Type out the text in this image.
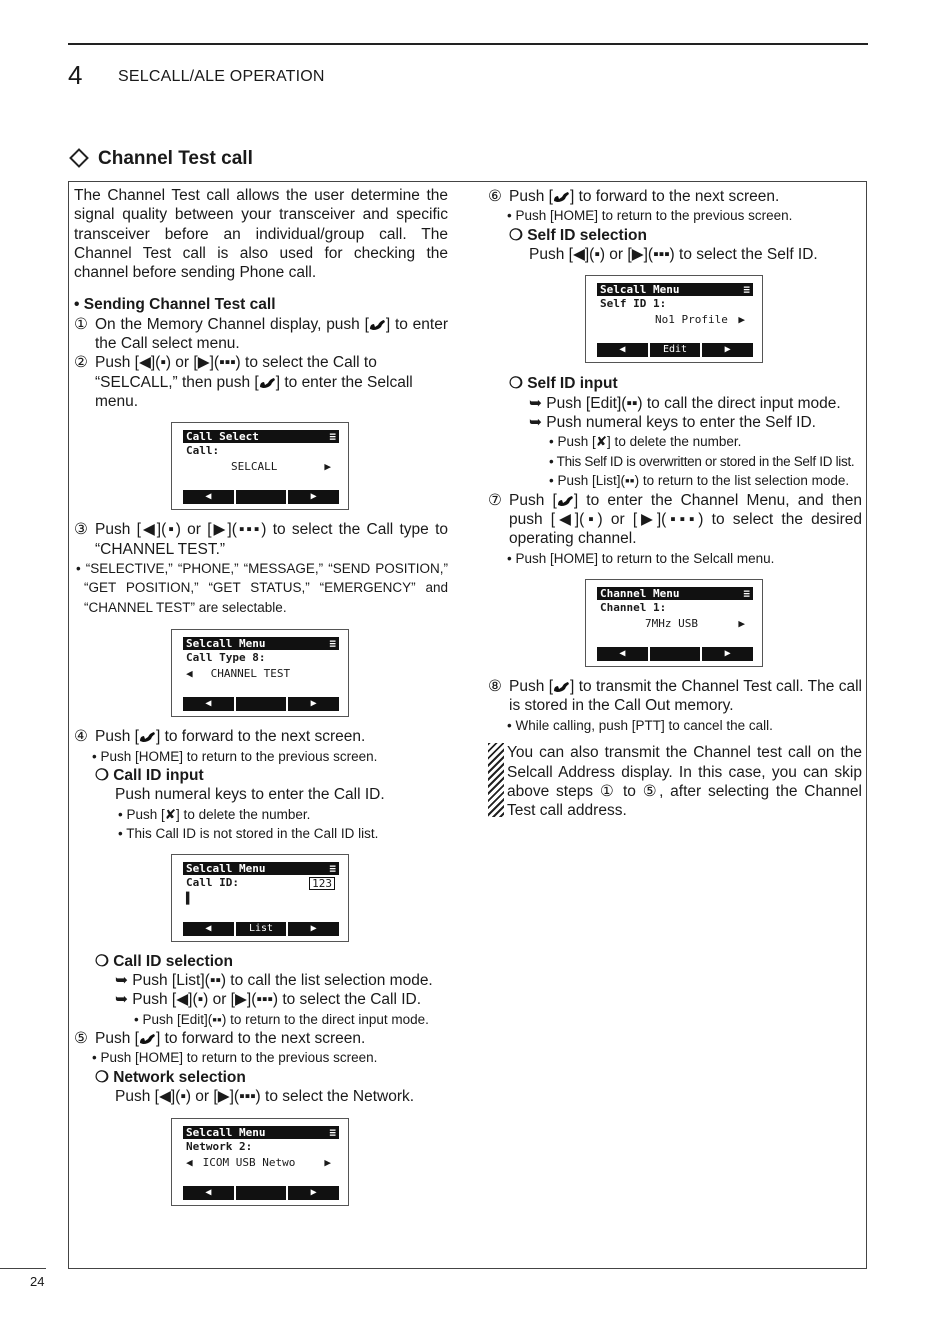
4 SELCALL/ALE OPERATION
Channel Test call

The Channel Test call allows the user determine the signal quality between your transceiver and specific transceiver before an individual/group call. The Channel Test call is also used for checking the channel before sending Phone call.

• Sending Channel Test call

① On the Memory Channel display, push [ ] to enter the Call select menu.
② Push [◀](▪) or [▶](▪▪▪) to select the Call to “SELCALL,” then push [ ] to enter the Selcall menu.
Call Select	≡
Call:
SELCALL	▶
◀	▶
③ Push [◀](▪) or [▶](▪▪▪) to select the Call type to “CHANNEL TEST.”

• “SELECTIVE,” “PHONE,” “MESSAGE,” “SEND POSITION,” “GET POSITION,” “GET STATUS,” “EMERGENCY” and “CHANNEL TEST” are selectable.

Selcall Menu	≡
Call Type 8:
◀ CHANNEL TEST
◀	▶
④ Push [ ] to forward to the next screen.

• Push [HOME] to return to the previous screen.

❍ Call ID input

Push numeral keys to enter the Call ID.

• Push [✘] to delete the number.

• This Call ID is not stored in the Call ID list.

Selcall Menu	≡
Call ID:	123
▌
◀	List	▶

❍ Call ID selection

➥ Push [List](▪▪) to call the list selection mode.

➥ Push [◀](▪) or [▶](▪▪▪) to select the Call ID.

• Push [Edit](▪▪) to return to the direct input mode.

⑤ Push [ ] to forward to the next screen.

• Push [HOME] to return to the previous screen.

❍ Network selection

Push [◀](▪) or [▶](▪▪▪) to select the Network.

Selcall Menu	≡
Network 2:
◀ ICOM USB Netwo	▶
◀	▶
⑥ Push [ ] to forward to the next screen.

• Push [HOME] to return to the previous screen.

❍ Self ID selection

Push [◀](▪) or [▶](▪▪▪) to select the Self ID.

Selcall Menu	≡
Self ID 1:
No1 Profile ▶
◀	Edit	▶

❍ Self ID input

➥ Push [Edit](▪▪) to call the direct input mode.

➥ Push numeral keys to enter the Self ID.

• Push [✘] to delete the number.

• This Self ID is overwritten or stored in the Self ID list.

• Push [List](▪▪) to return to the list selection mode.

⑦ Push [ ] to enter the Channel Menu, and then push [◀](▪) or [▶](▪▪▪) to select the desired operating channel.

• Push [HOME] to return to the Selcall menu.

Channel Menu	≡
Channel 1:
7MHz USB	▶
◀	▶
⑧ Push [ ] to transmit the Channel Test call. The call is stored in the Call Out memory.

• While calling, push [PTT] to cancel the call.

You can also transmit the Channel test call on the Selcall Address display. In this case, you can skip above steps ① to ⑤, after selecting the Channel Test call address.

24
